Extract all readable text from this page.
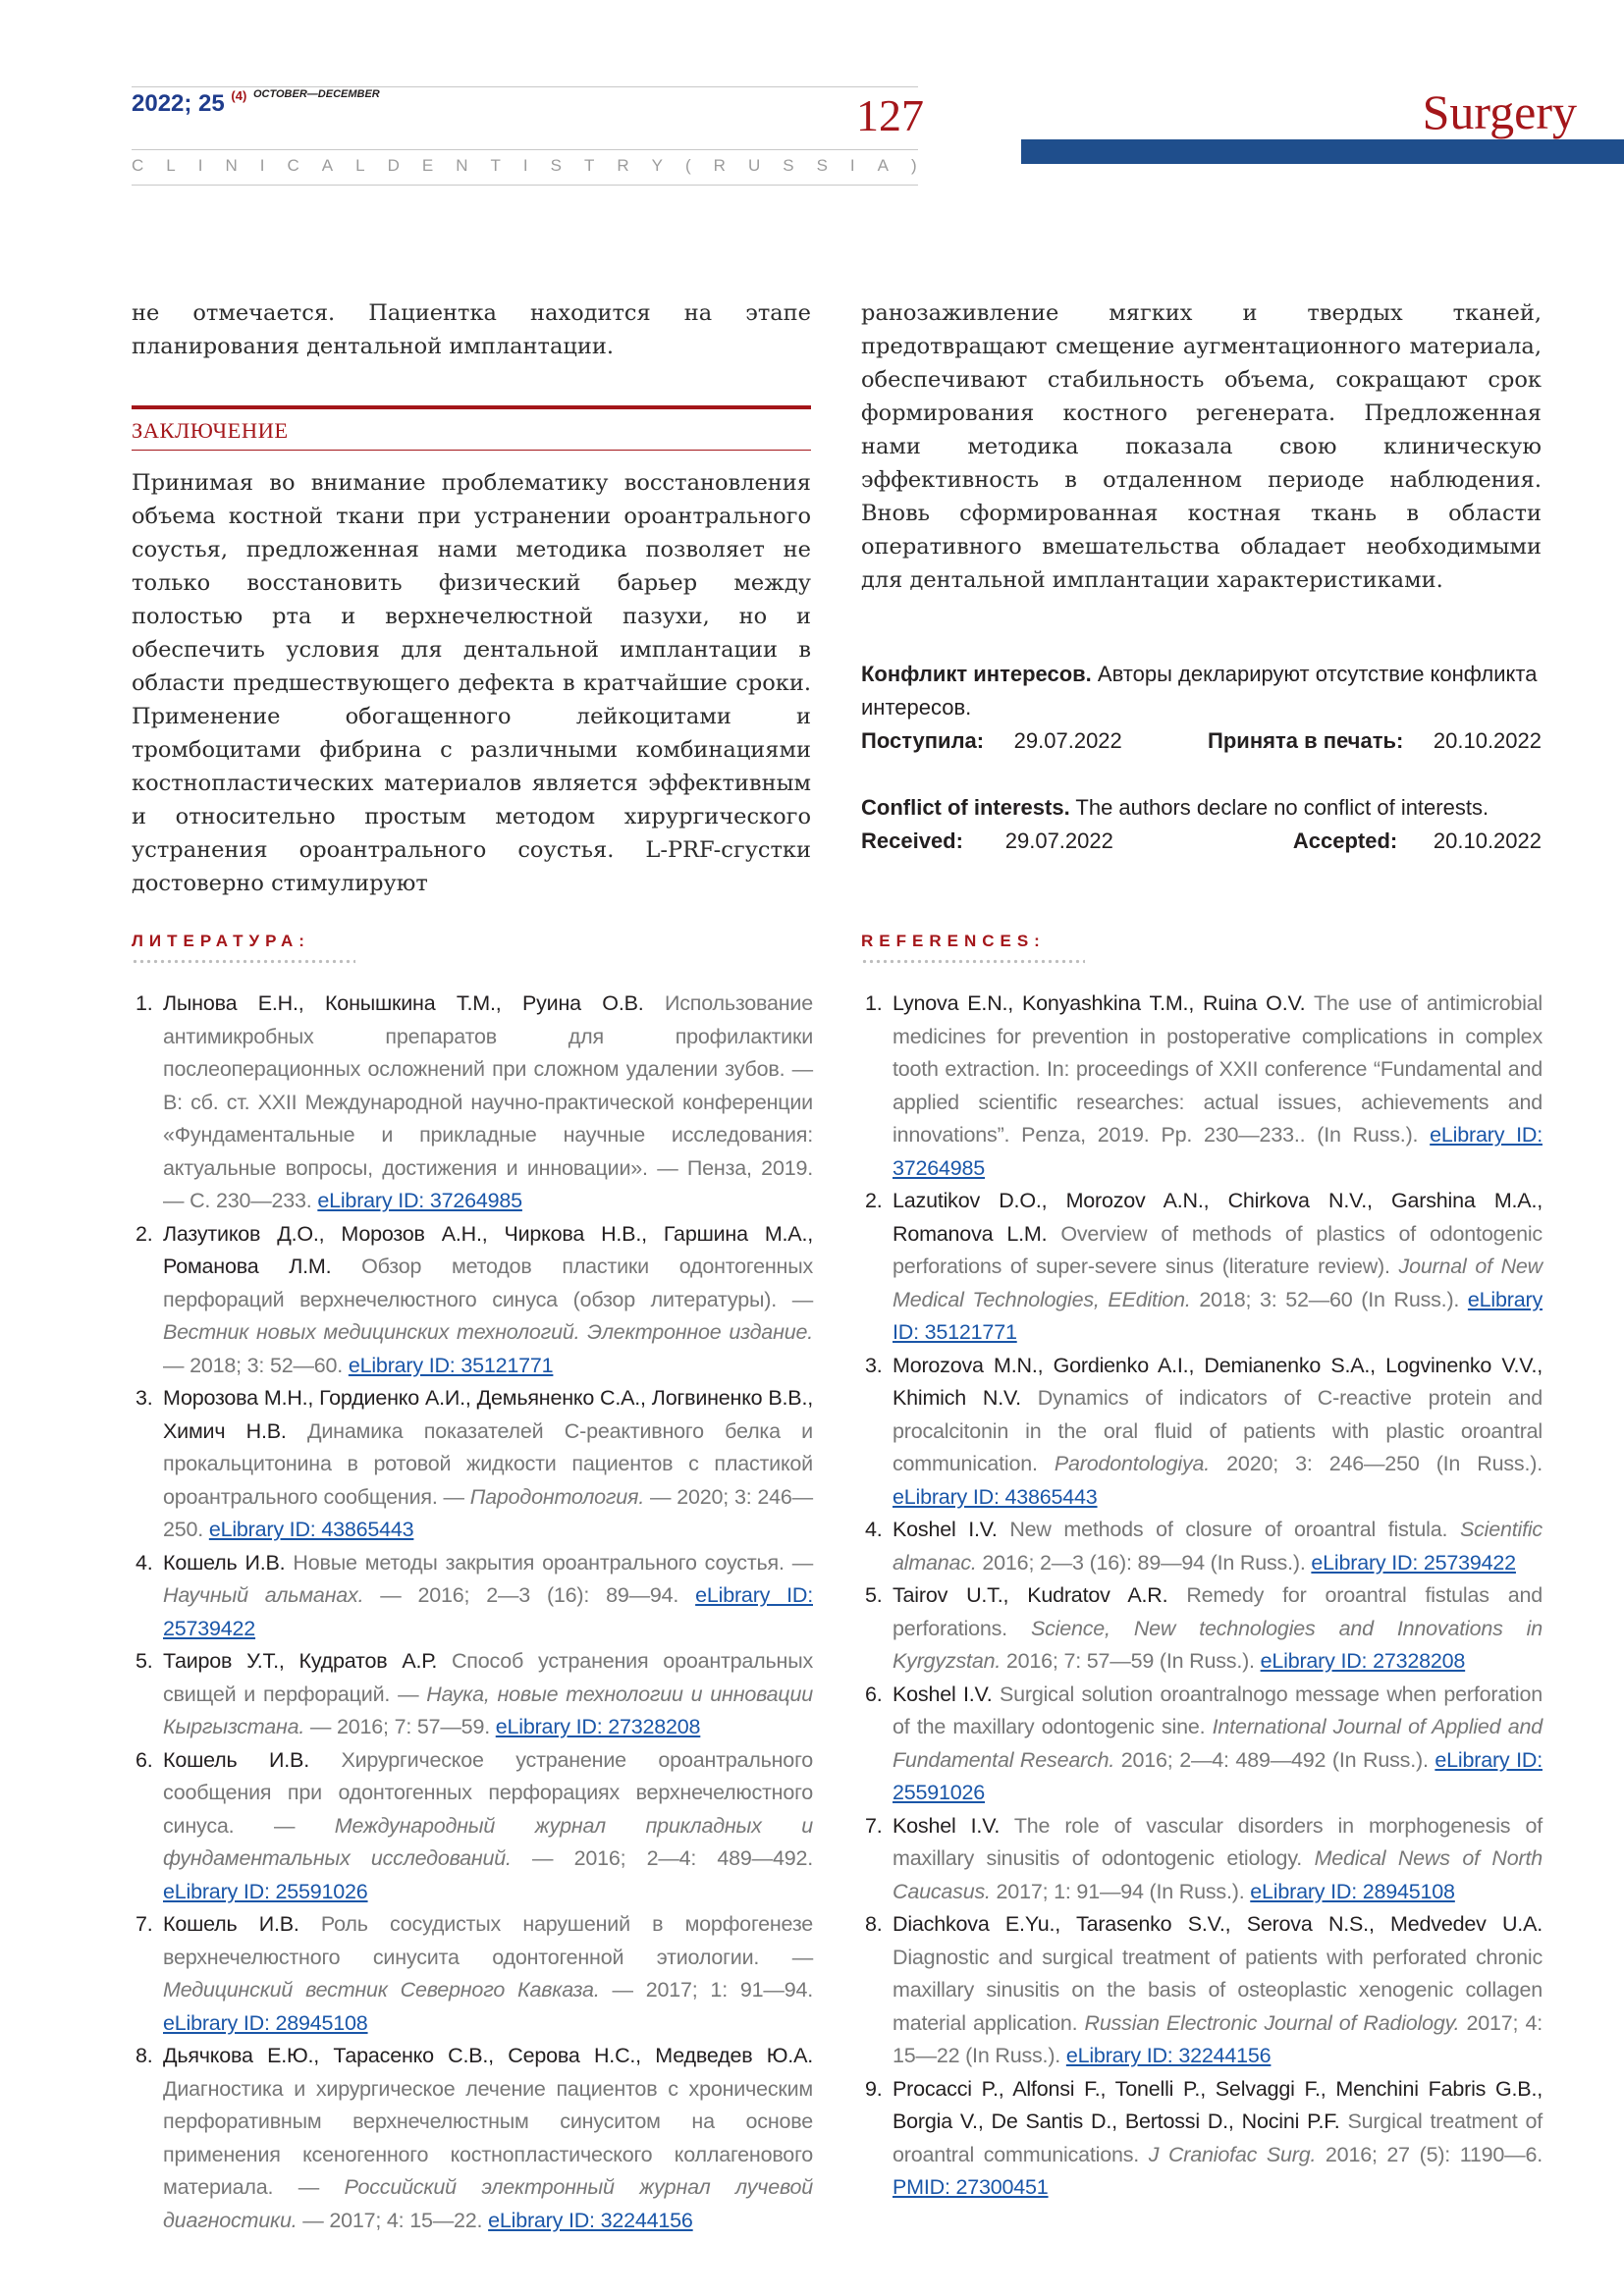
2022; 25 $^{(4)}$ $^{OCTOBER—DECEMBER}$	127
C L I N I C A L D E N T I S T R Y ( R U S S I A )
Surgery

не отмечается. Пациентка находится на этапе планирования дентальной имплантации.

ЗАКЛЮЧЕНИЕ

Принимая во внимание проблематику восстановления объема костной ткани при устранении ороантрального соустья, предложенная нами методика позволяет не только восстановить физический барьер между полостью рта и верхнечелюстной пазухи, но и обеспечить условия для дентальной имплантации в области предшествующего дефекта в кратчайшие сроки. Применение обогащенного лейкоцитами и тромбоцитами фибрина с различными комбинациями костнопластических материалов является эффективным и относительно простым методом хирургического устранения ороантрального соустья. L-PRF-сгустки достоверно стимулируют

ранозаживление мягких и твердых тканей, предотвращают смещение аугментационного материала, обеспечивают стабильность объема, сокращают срок формирования костного регенерата. Предложенная нами методика показала свою клиническую эффективность в отдаленном периоде наблюдения. Вновь сформированная костная ткань в области оперативного вмешательства обладает необходимыми для дентальной имплантации характеристиками.

Конфликт интересов. Авторы декларируют отсутствие конфликта интересов.
Поступила: 29.07.2022	Принята в печать: 20.10.2022
Conflict of interests. The authors declare no conflict of interests.
Received: 29.07.2022	Accepted: 20.10.2022
ЛИТЕРАТУРА:	REFERENCES:
1. Лынова Е.Н., Конышкина Т.М., Руина О.В. Использование антимикробных препаратов для профилактики послеоперационных осложнений при сложном удалении зубов. — В: сб. ст. XXII Международной научно-практической конференции «Фундаментальные и прикладные научные исследования: актуальные вопросы, достижения и инновации». — Пенза, 2019. — С. 230—233. eLibrary ID: 37264985
2. Лазутиков Д.О., Морозов А.Н., Чиркова Н.В., Гаршина М.А., Романова Л.М. Обзор методов пластики одонтогенных перфораций верхнечелюстного синуса (обзор литературы). — Вестник новых медицинских технологий. Электронное издание. — 2018; 3: 52—60. eLibrary ID: 35121771
3. Морозова М.Н., Гордиенко А.И., Демьяненко С.А., Логвиненко В.В., Химич Н.В. Динамика показателей С-реактивного белка и прокальцитонина в ротовой жидкости пациентов с пластикой ороантрального сообщения. — Пародонтология. — 2020; 3: 246—250. eLibrary ID: 43865443
4. Кошель И.В. Новые методы закрытия ороантрального соустья. — Научный альманах. — 2016; 2—3 (16): 89—94. eLibrary ID: 25739422
5. Таиров У.Т., Кудратов А.Р. Способ устранения ороантральных свищей и перфораций. — Наука, новые технологии и инновации Кыргызстана. — 2016; 7: 57—59. eLibrary ID: 27328208
6. Кошель И.В. Хирургическое устранение ороантрального сообщения при одонтогенных перфорациях верхнечелюстного синуса. — Международный журнал прикладных и фундаментальных исследований. — 2016; 2—4: 489—492. eLibrary ID: 25591026
7. Кошель И.В. Роль сосудистых нарушений в морфогенезе верхнечелюстного синусита одонтогенной этиологии. — Медицинский вестник Северного Кавказа. — 2017; 1: 91—94. eLibrary ID: 28945108
8. Дьячкова Е.Ю., Тарасенко С.В., Серова Н.С., Медведев Ю.А. Диагностика и хирургическое лечение пациентов с хроническим перфоративным верхнечелюстным синуситом на основе применения ксеногенного костнопластического коллагенового материала. — Российский электронный журнал лучевой диагностики. — 2017; 4: 15—22. eLibrary ID: 32244156
1. Lynova E.N., Konyashkina T.M., Ruina O.V. The use of antimicrobial medicines for prevention in postoperative complications in complex tooth extraction. In: proceedings of XXII conference “Fundamental and applied scientific researches: actual issues, achievements and innovations”. Penza, 2019. Pp. 230—233.. (In Russ.). eLibrary ID: 37264985
2. Lazutikov D.O., Morozov A.N., Chirkova N.V., Garshina M.A., Romanova L.M. Overview of methods of plastics of odontogenic perforations of super-severe sinus (literature review). Journal of New Medical Technologies, EEdition. 2018; 3: 52—60 (In Russ.). eLibrary ID: 35121771
3. Morozova M.N., Gordienko A.I., Demianenko S.A., Logvinenko V.V., Khimich N.V. Dynamics of indicators of C-reactive protein and procalcitonin in the oral fluid of patients with plastic oroantral communication. Parodontologiya. 2020; 3: 246—250 (In Russ.). eLibrary ID: 43865443
4. Koshel I.V. New methods of closure of oroantral fistula. Scientific almanac. 2016; 2—3 (16): 89—94 (In Russ.). eLibrary ID: 25739422
5. Tairov U.T., Kudratov A.R. Remedy for oroantral fistulas and perforations. Science, New technologies and Innovations in Kyrgyzstan. 2016; 7: 57—59 (In Russ.). eLibrary ID: 27328208
6. Koshel I.V. Surgical solution oroantralnogo message when perforation of the maxillary odontogenic sine. International Journal of Applied and Fundamental Research. 2016; 2—4: 489—492 (In Russ.). eLibrary ID: 25591026
7. Koshel I.V. The role of vascular disorders in morphogenesis of maxillary sinusitis of odontogenic etiology. Medical News of North Caucasus. 2017; 1: 91—94 (In Russ.). eLibrary ID: 28945108
8. Diachkova E.Yu., Tarasenko S.V., Serova N.S., Medvedev U.A. Diagnostic and surgical treatment of patients with perforated chronic maxillary sinusitis on the basis of osteoplastic xenogenic collagen material application. Russian Electronic Journal of Radiology. 2017; 4: 15—22 (In Russ.). eLibrary ID: 32244156
9. Procacci P., Alfonsi F., Tonelli P., Selvaggi F., Menchini Fabris G.B., Borgia V., De Santis D., Bertossi D., Nocini P.F. Surgical treatment of oroantral communications. J Craniofac Surg. 2016; 27 (5): 1190—6. PMID: 27300451
